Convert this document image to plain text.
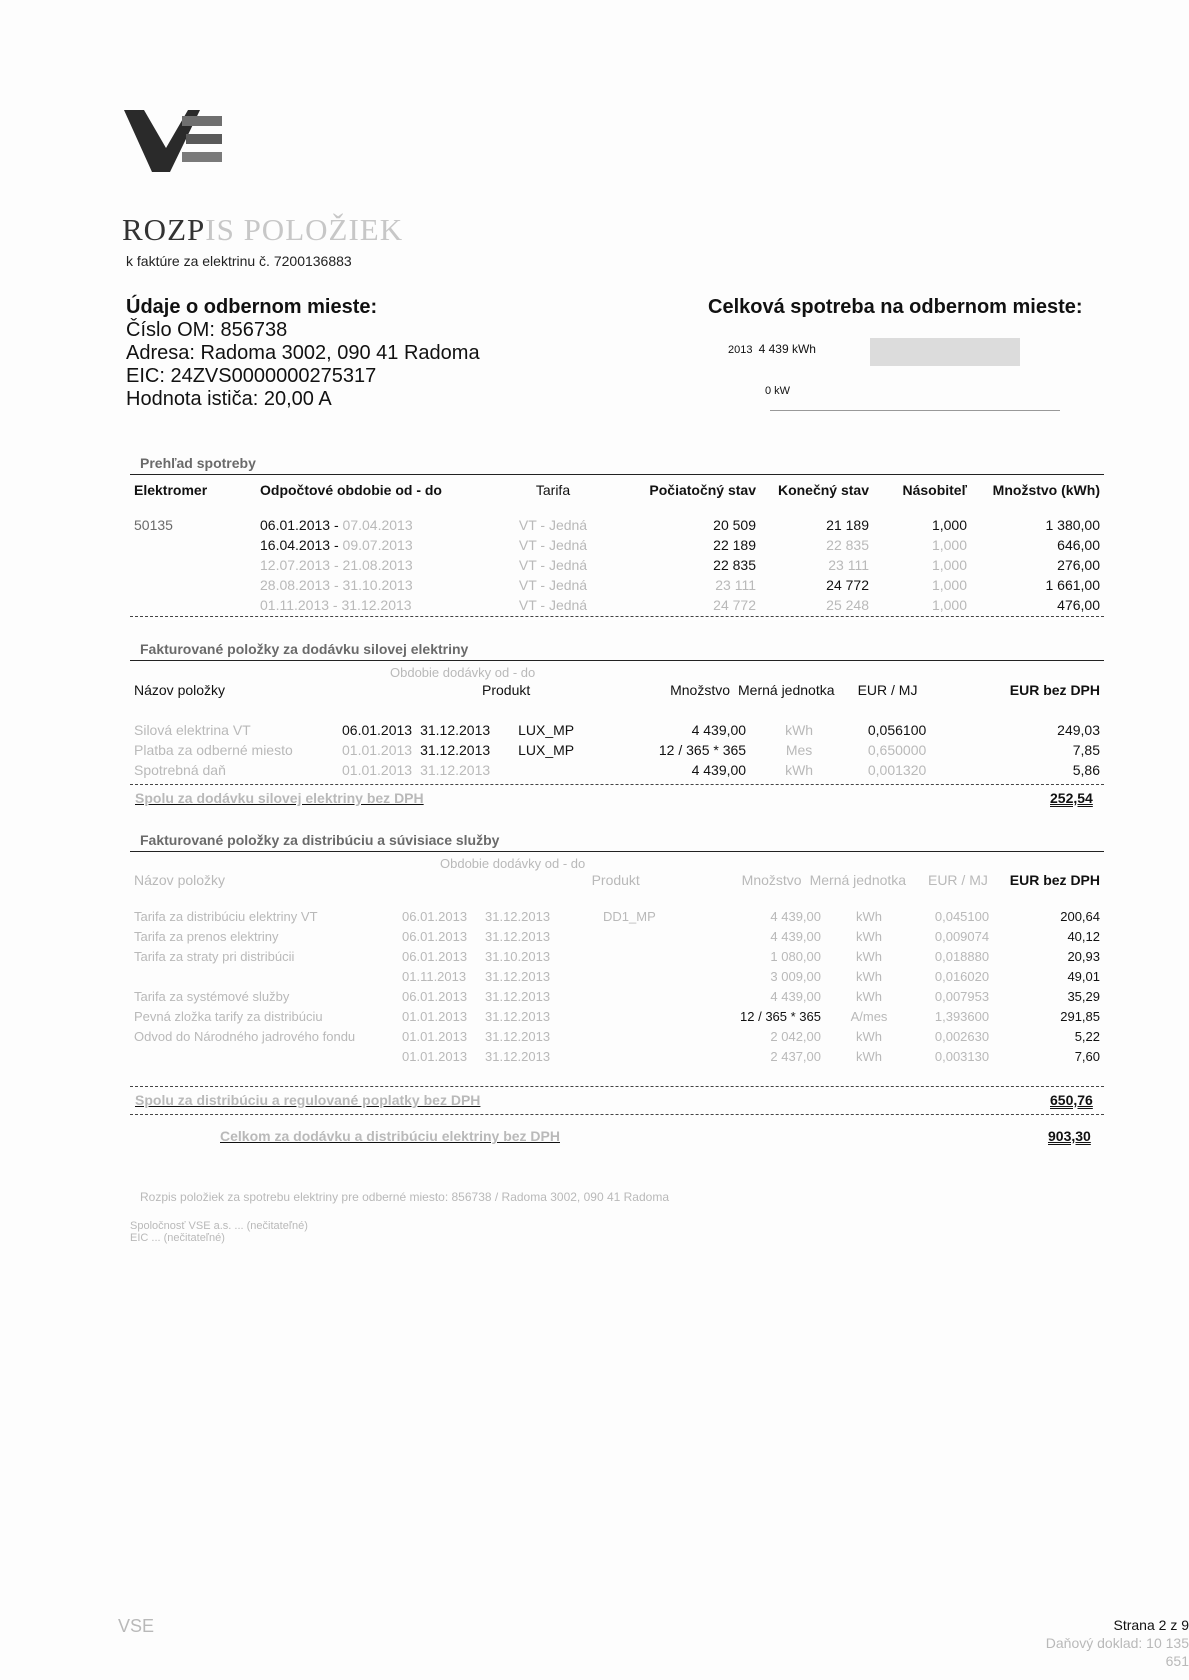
ROZPIS POLOŽIEK
k faktúre za elektrinu č. 7200136883
Údaje o odbernom mieste:
Číslo OM: 856738
Adresa: Radoma 3002, 090 41 Radoma
EIC: 24ZVS0000000275317
Hodnota ističa: 20,00 A
Celková spotreba na odbernom mieste:
2013 4 439 kWh
0 kW
Prehľad spotreby
Elektromer	Odpočtové obdobie od - do	Tarifa	Počiatočný stav	Konečný stav	Násobiteľ	Množstvo (kWh)
50135	06.01.2013 - 07.04.2013	VT - Jedná	20 509	21 189	1,000	1 380,00
	16.04.2013 - 09.07.2013	VT - Jedná	22 189	22 835	1,000	646,00
	12.07.2013 - 21.08.2013	VT - Jedná	22 835	23 111	1,000	276,00
	28.08.2013 - 31.10.2013	VT - Jedná	23 111	24 772	1,000	1 661,00
	01.11.2013 - 31.12.2013	VT - Jedná	24 772	25 248	1,000	476,00
Fakturované položky za dodávku silovej elektriny
Obdobie dodávky od - do
Názov položky	Produkt	Množstvo	Merná jednotka	EUR / MJ	EUR bez DPH
Silová elektrina VT	06.01.2013	31.12.2013	LUX_MP	4 439,00	kWh	0,056100	249,03
Platba za odberné miesto	01.01.2013	31.12.2013	LUX_MP	12 / 365 * 365	Mes	0,650000	7,85
Spotrebná daň	01.01.2013	31.12.2013		4 439,00	kWh	0,001320	5,86
Spolu za dodávku silovej elektriny bez DPH	252,54
Fakturované položky za distribúciu a súvisiace služby
Obdobie dodávky od - do
Názov položky	Produkt	Množstvo	Merná jednotka	EUR / MJ	EUR bez DPH
Tarifa za distribúciu elektriny VT	06.01.2013	31.12.2013	DD1_MP	4 439,00	kWh	0,045100	200,64
Tarifa za prenos elektriny	06.01.2013	31.12.2013		4 439,00	kWh	0,009074	40,12
Tarifa za straty pri distribúcii	06.01.2013	31.10.2013		1 080,00	kWh	0,018880	20,93
	01.11.2013	31.12.2013		3 009,00	kWh	0,016020	49,01
Tarifa za systémové služby	06.01.2013	31.12.2013		4 439,00	kWh	0,007953	35,29
Pevná zložka tarify za distribúciu	01.01.2013	31.12.2013		12 / 365 * 365	A/mes	1,393600	291,85
Odvod do Národného jadrového fondu	01.01.2013	31.12.2013		2 042,00	kWh	0,002630	5,22
	01.01.2013	31.12.2013		2 437,00	kWh	0,003130	7,60
Spolu za distribúciu a regulované poplatky bez DPH	650,76
Celkom za dodávku a distribúciu elektriny bez DPH	903,30
Rozpis položiek za spotrebu elektriny pre odberné miesto: 856738 / Radoma 3002, 090 41 Radoma
Spoločnosť VSE a.s. ... (nečitateľné)
EIC ... (nečitateľné)
VSE	Strana 2 z 9
Daňový doklad: 10 135 651
